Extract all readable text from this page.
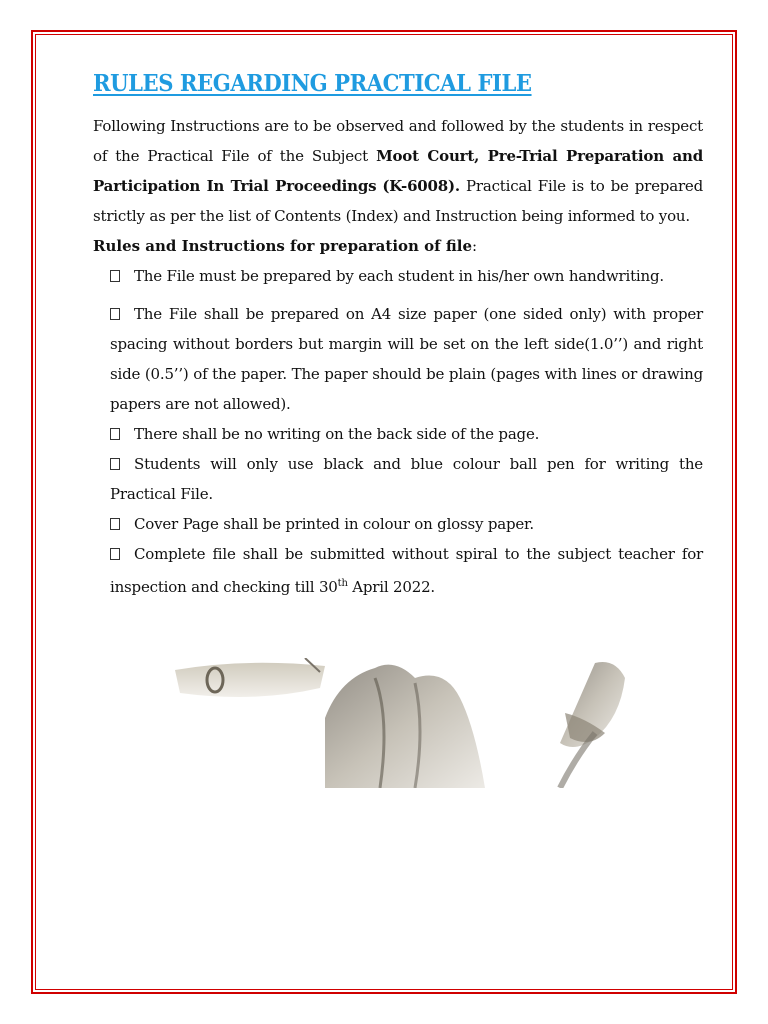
RULES REGARDING PRACTICAL FILE

Following Instructions are to be observed and followed by the students in respect of the Practical File of the Subject Moot Court, Pre-Trial Preparation and Participation In Trial Proceedings (K-6008). Practical File is to be prepared strictly as per the list of Contents (Index) and Instruction being informed to you.

Rules and Instructions for preparation of file:

The File must be prepared by each student in his/her own handwriting.
The File shall be prepared on A4 size paper (one sided only) with proper spacing without borders but margin will be set on the left side(1.0’’) and right side (0.5’’) of the paper. The paper should be plain (pages with lines or drawing papers are not allowed).
There shall be no writing on the back side of the page.
Students will only use black and blue colour ball pen for writing the Practical File.
Cover Page shall be printed in colour on glossy paper.
Complete file shall be submitted without spiral to the subject teacher for inspection and checking till 30th April 2022.
